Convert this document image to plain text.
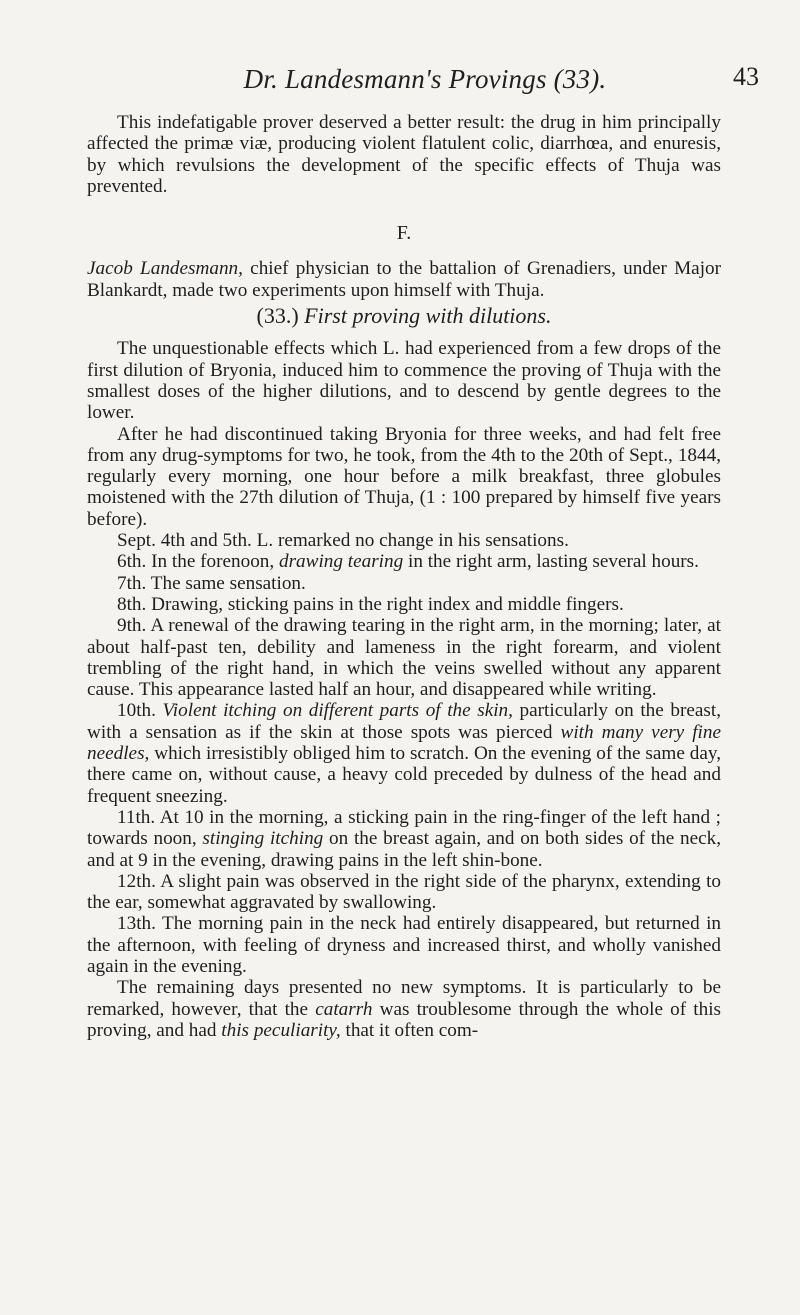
Dr. Landesmann's Provings (33).	43

This indefatigable prover deserved a better result: the drug in him principally affected the primæ viæ, producing violent flatulent colic, diarrhœa, and enuresis, by which revulsions the development of the specific effects of Thuja was prevented.

F.

Jacob Landesmann, chief physician to the battalion of Grenadiers, under Major Blankardt, made two experiments upon himself with Thuja.

(33.) First proving with dilutions.

The unquestionable effects which L. had experienced from a few drops of the first dilution of Bryonia, induced him to commence the proving of Thuja with the smallest doses of the higher dilutions, and to descend by gentle degrees to the lower.

After he had discontinued taking Bryonia for three weeks, and had felt free from any drug-symptoms for two, he took, from the 4th to the 20th of Sept., 1844, regularly every morning, one hour before a milk breakfast, three globules moistened with the 27th dilution of Thuja, (1 : 100 prepared by himself five years before).

Sept. 4th and 5th. L. remarked no change in his sensations.

6th. In the forenoon, drawing tearing in the right arm, lasting several hours.

7th. The same sensation.

8th. Drawing, sticking pains in the right index and middle fingers.

9th. A renewal of the drawing tearing in the right arm, in the morning; later, at about half-past ten, debility and lameness in the right forearm, and violent trembling of the right hand, in which the veins swelled without any apparent cause. This appearance lasted half an hour, and disappeared while writing.

10th. Violent itching on different parts of the skin, particularly on the breast, with a sensation as if the skin at those spots was pierced with many very fine needles, which irresistibly obliged him to scratch. On the evening of the same day, there came on, without cause, a heavy cold preceded by dulness of the head and frequent sneezing.

11th. At 10 in the morning, a sticking pain in the ring-finger of the left hand ; towards noon, stinging itching on the breast again, and on both sides of the neck, and at 9 in the evening, drawing pains in the left shin-bone.

12th. A slight pain was observed in the right side of the pharynx, extending to the ear, somewhat aggravated by swallowing.

13th. The morning pain in the neck had entirely disappeared, but returned in the afternoon, with feeling of dryness and increased thirst, and wholly vanished again in the evening.

The remaining days presented no new symptoms. It is particularly to be remarked, however, that the catarrh was troublesome through the whole of this proving, and had this peculiarity, that it often com-
